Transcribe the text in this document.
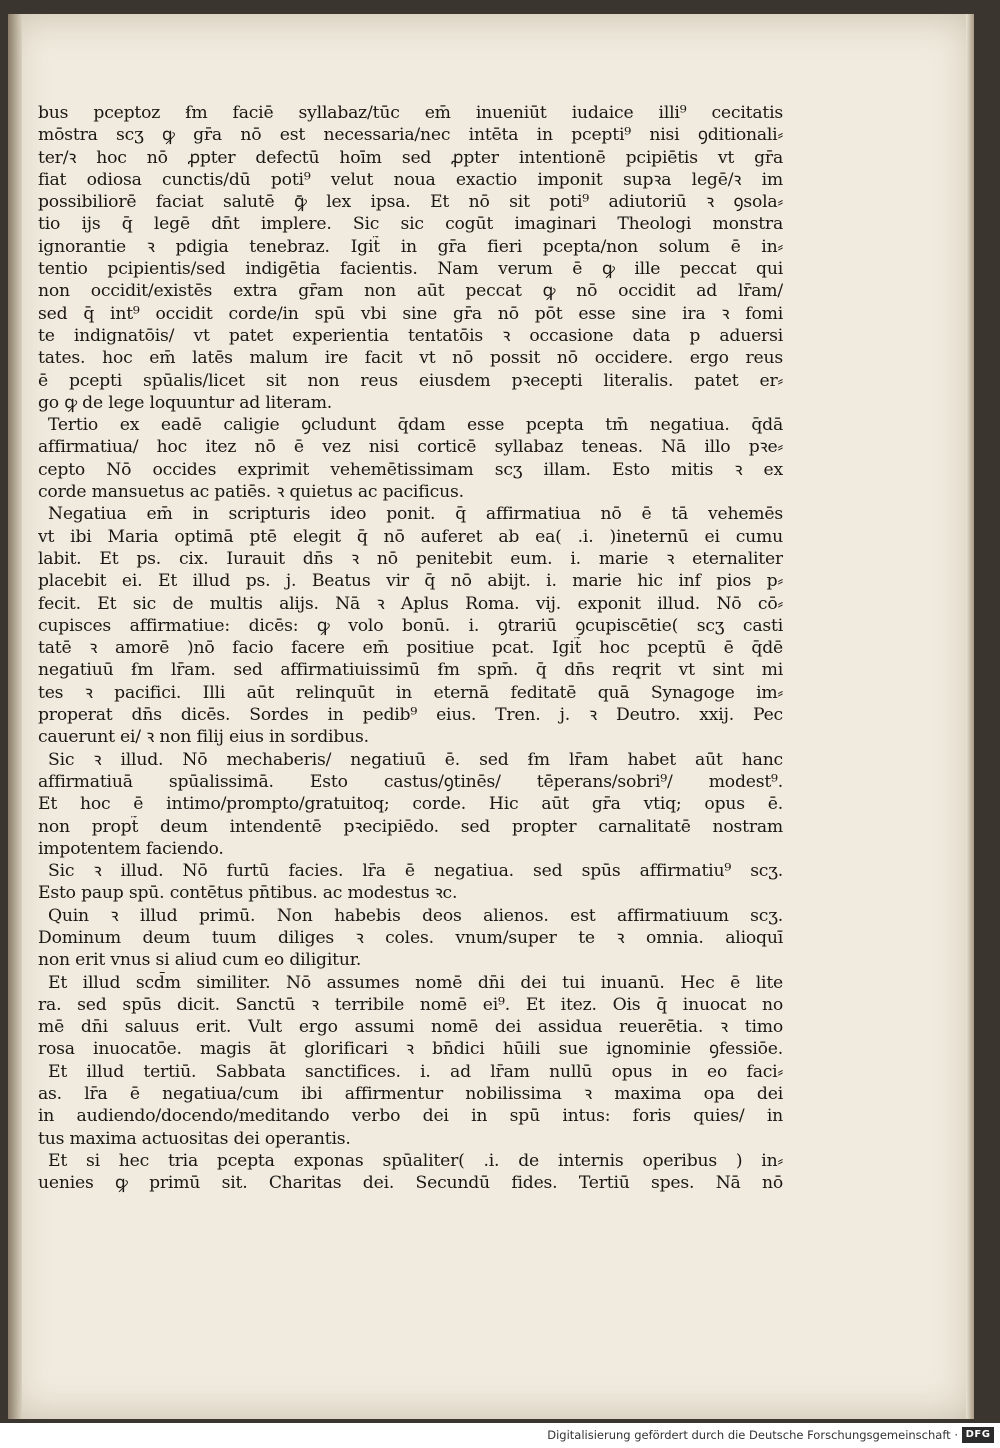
bus pceptoz ẜm faciē syllabaz/tūc em̄ inueniūt iudaice illi⁹ cecitatis
mōstra scʒ ꝙ gr̄a nō est necessaria/nec intēta in pcepti⁹ nisi ꝯditionali⸗
ter/ꝛ hoc nō ꝓpter defectū hoīm sed ꝓpter intentionē pcipiētis vt gr̄a
fiat odiosa cunctis/dū poti⁹ velut noua exactio imponit supꝛa legē/ꝛ im
possibiliorē faciat salutē ꝙ̄ lex ipsa. Et nō sit poti⁹ adiutoriū ꝛ ꝯsola⸗
tio ijs q̄ legē dn̄t implere. Sic sic cogūt imaginari Theologi monstra
ignorantie ꝛ pdigia tenebraz. Igit̃ in gr̄a fieri pcepta/non solum ē in⸗
tentio pcipientis/sed indigētia facientis. Nam verum ē ꝙ ille peccat qui
non occidit/existēs extra gr̄am non aūt peccat ꝙ nō occidit ad lr̄am/
sed q̄ int⁹ occidit corde/in spū vbi sine gr̄a nō pōt esse sine ira ꝛ fomi
te indignatōis/ vt patet experientia tentatōis ꝛ occasione data p aduersi
tates. hoc em̄ latēs malum ire facit vt nō possit nō occidere. ergo reus
ē pcepti spūalis/licet sit non reus eiusdem pꝛecepti literalis. patet er⸗
go ꝙ de lege loquuntur ad literam.
Tertio ex eadē caligie ꝯcludunt q̄dam esse pcepta tm̄ negatiua. q̄dā
affirmatiua/ hoc itez nō ē vez nisi corticē syllabaz teneas. Nā illo pꝛe⸗
cepto Nō occides exprimit vehemētissimam scʒ illam. Esto mitis ꝛ ex
corde mansuetus ac patiēs. ꝛ quietus ac pacificus.
Negatiua em̄ in scripturis ideo ponit. q̄ affirmatiua nō ē tā vehemēs
vt ibi Maria optimā ptē elegit q̄ nō auferet ab ea( .i. )ineternū ei cumu
labit. Et ps. cix. Iurauit dn̄s ꝛ nō penitebit eum. i. marie ꝛ eternaliter
placebit ei. Et illud ps. j. Beatus vir q̄ nō abijt. i. marie hic inf pios p⸗
fecit. Et sic de multis alijs. Nā ꝛ Aplus Roma. vij. exponit illud. Nō cō⸗
cupisces affirmatiue: dicēs: ꝙ volo bonū. i. ꝯtrariū ꝯcupiscētie( scʒ casti
tatē ꝛ amorē )nō facio facere em̄ positiue pcat. Igit̃ hoc pceptū ē q̄dē
negatiuū ẜm lr̄am. sed affirmatiuissimū ẜm spm̄. q̄ dn̄s reqrit vt sint mi
tes ꝛ pacifici. Illi aūt relinquūt in eternā feditatē quā Synagoge im⸗
properat dn̄s dicēs. Sordes in pedib⁹ eius. Tren. j. ꝛ Deutro. xxij. Pec
cauerunt ei/ ꝛ non filij eius in sordibus.
Sic ꝛ illud. Nō mechaberis/ negatiuū ē. sed ẜm lr̄am habet aūt hanc
affirmatiuā spūalissimā. Esto castus/ꝯtinēs/ tēperans/sobri⁹/ modest⁹.
Et hoc ē intimo/prompto/gratuitoq; corde. Hic aūt gr̄a vtiq; opus ē.
non propt̃ deum intendentē pꝛecipiēdo. sed propter carnalitatē nostram
impotentem faciendo.
Sic ꝛ illud. Nō furtū facies. lr̄a ē negatiua. sed spūs affirmatiu⁹ scʒ.
Esto paup spū. contētus pn̄tibus. ac modestus ꝛc.
Quin ꝛ illud primū. Non habebis deos alienos. est affirmatiuum scʒ.
Dominum deum tuum diliges ꝛ coles. vnum/super te ꝛ omnia. alioquī
non erit vnus si aliud cum eo diligitur.
Et illud scd̄m similiter. Nō assumes nomē dn̄i dei tui inuanū. Hec ē lite
ra. sed spūs dicit. Sanctū ꝛ terribile nomē ei⁹. Et itez. Ois q̄ inuocat no
mē dn̄i saluus erit. Vult ergo assumi nomē dei assidua reuerētia. ꝛ timo
rosa inuocatōe. magis āt glorificari ꝛ bn̄dici hūili sue ignominie ꝯfessiōe.
Et illud tertiū. Sabbata sanctifices. i. ad lr̄am nullū opus in eo faci⸗
as. lr̄a ē negatiua/cum ibi affirmentur nobilissima ꝛ maxima opa dei
in audiendo/docendo/meditando verbo dei in spū intus: foris quies/ in
tus maxima actuositas dei operantis.
Et si hec tria pcepta exponas spūaliter( .i. de internis operibus ) in⸗
uenies ꝙ primū sit. Charitas dei. Secundū fides. Tertiū spes. Nā nō
Digitalisierung gefördert durch die Deutsche Forschungsgemeinschaft · DFG
